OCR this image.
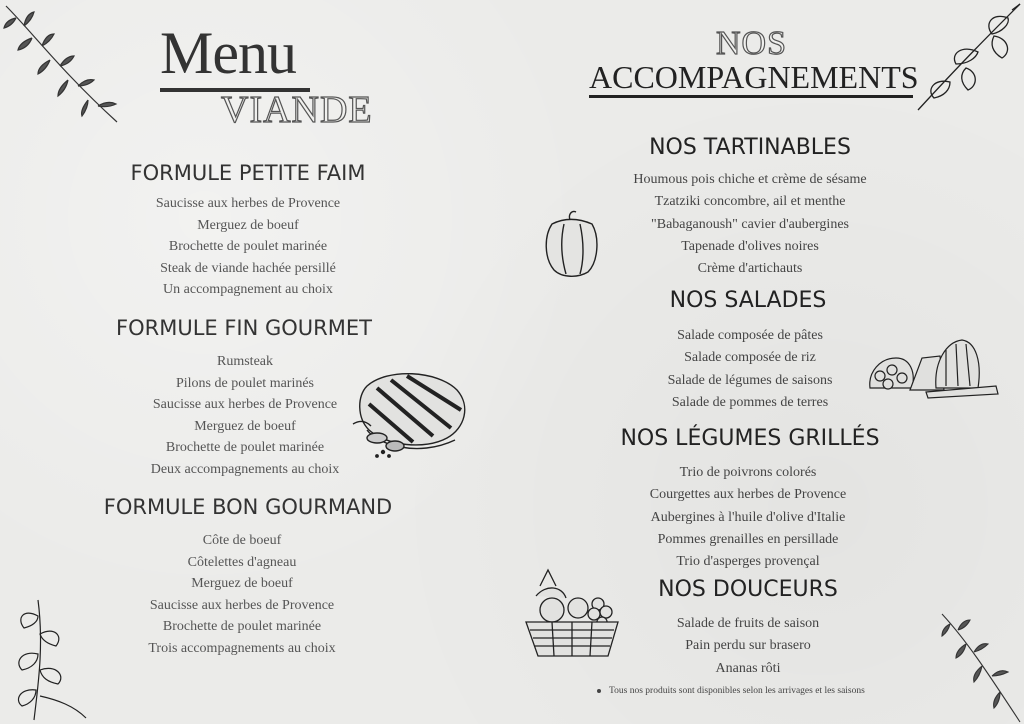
Menu
VIANDE
FORMULE PETITE FAIM
Saucisse aux herbes de Provence
Merguez de boeuf
Brochette de poulet marinée
Steak de viande hachée persillé
Un accompagnement au choix
FORMULE FIN GOURMET
Rumsteak
Pilons de poulet marinés
Saucisse aux herbes de Provence
Merguez de boeuf
Brochette de poulet marinée
Deux accompagnements au choix
FORMULE BON GOURMAND
Côte de boeuf
Côtelettes d'agneau
Merguez de boeuf
Saucisse aux herbes de Provence
Brochette de poulet marinée
Trois accompagnements au choix
NOS
ACCOMPAGNEMENTS
NOS TARTINABLES
Houmous pois chiche et crème de sésame
Tzatziki concombre, ail et menthe
"Babaganoush" cavier d'aubergines
Tapenade d'olives noires
Crème d'artichauts
NOS SALADES
Salade composée de pâtes
Salade composée de riz
Salade de légumes de saisons
Salade de pommes de terres
NOS LÉGUMES GRILLÉS
Trio de poivrons colorés
Courgettes aux herbes de Provence
Aubergines à l'huile d'olive d'Italie
Pommes grenailles en persillade
Trio d'asperges provençal
NOS DOUCEURS
Salade de fruits de saison
Pain perdu sur brasero
Ananas rôti
Tous nos produits sont disponibles selon les arrivages et les saisons
